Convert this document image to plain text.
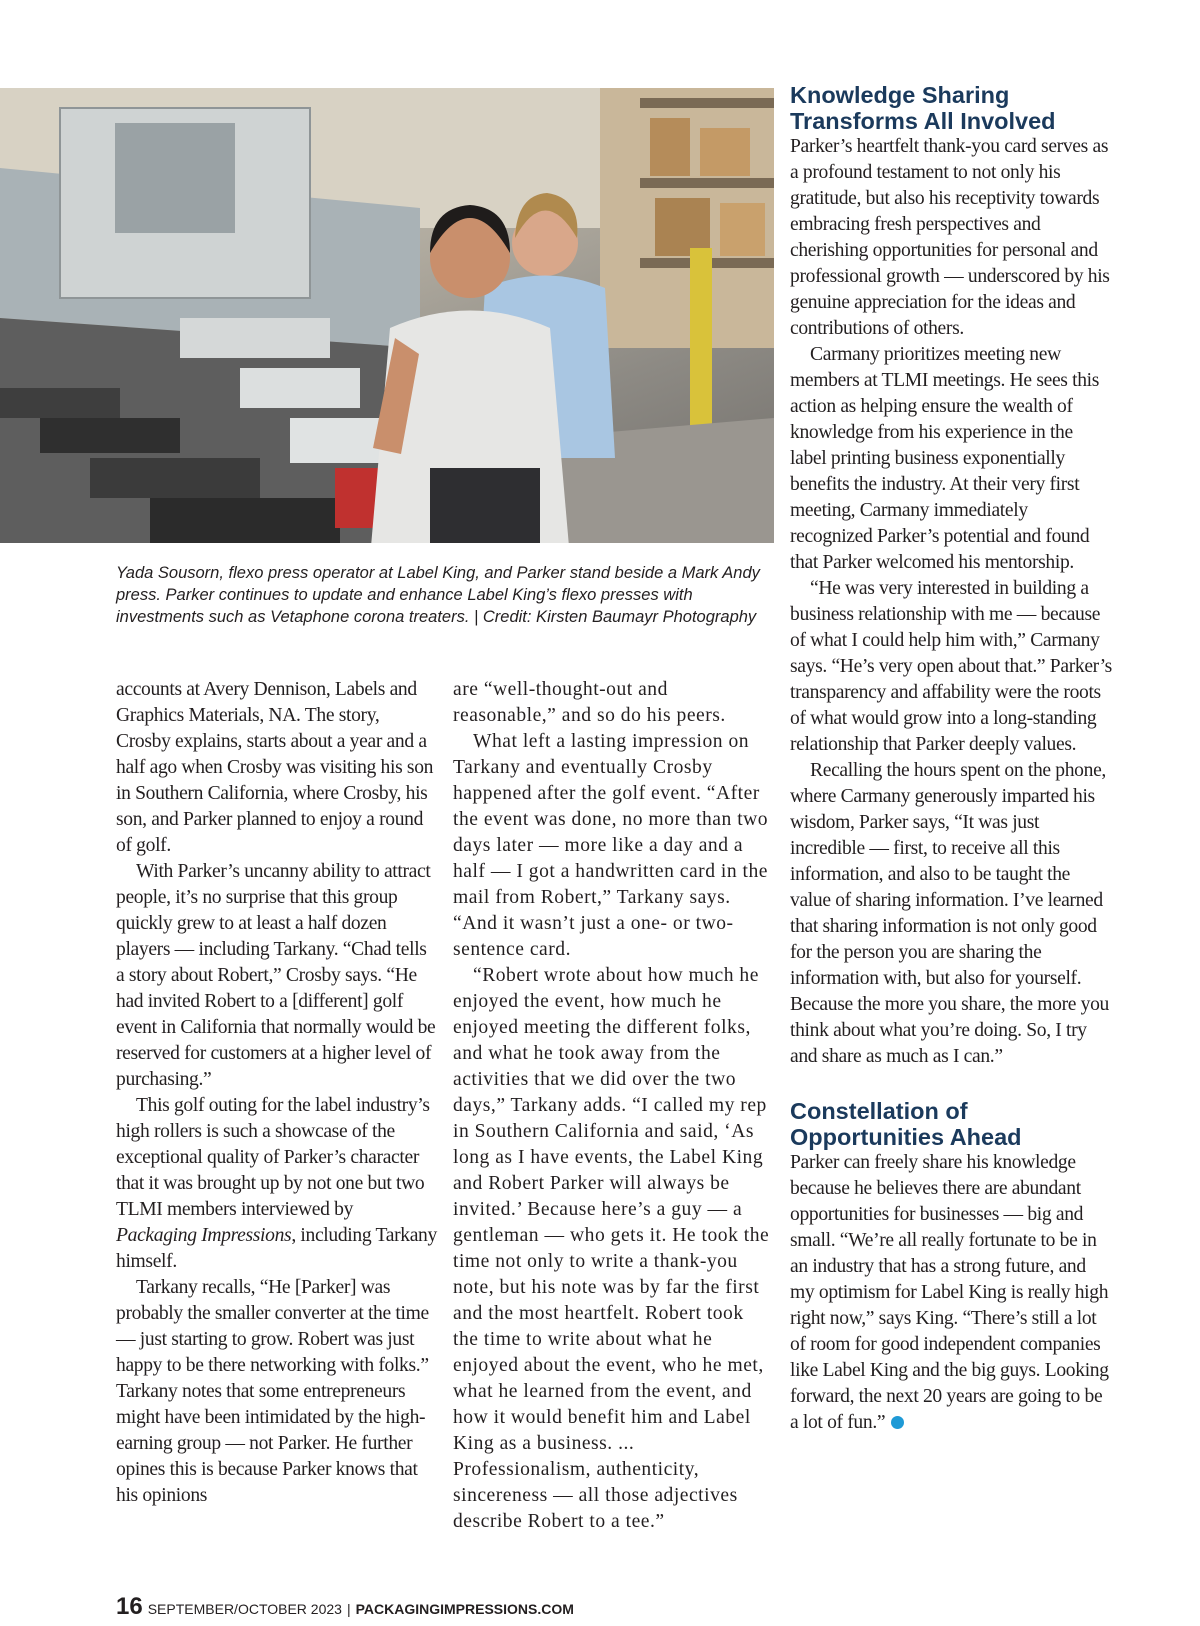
Yada Sousorn, flexo press operator at Label King, and Parker stand beside a Mark Andy press. Parker continues to update and enhance Label King’s flexo presses with investments such as Vetaphone corona treaters. | Credit: Kirsten Baumayr Photography

accounts at Avery Dennison, Labels and Graphics Materials, NA. The story, Crosby explains, starts about a year and a half ago when Crosby was visiting his son in Southern California, where Crosby, his son, and Parker planned to enjoy a round of golf.

With Parker’s uncanny ability to attract people, it’s no surprise that this group quickly grew to at least a half dozen players — including Tarkany. “Chad tells a story about Robert,” Crosby says. “He had invited Robert to a [different] golf event in California that normally would be reserved for customers at a higher level of purchasing.”

This golf outing for the label industry’s high rollers is such a showcase of the exceptional quality of Parker’s character that it was brought up by not one but two TLMI members interviewed by Packaging Impressions, including Tarkany himself.

Tarkany recalls, “He [Parker] was probably the smaller converter at the time — just starting to grow. Robert was just happy to be there networking with folks.” Tarkany notes that some entrepreneurs might have been intimidated by the high-earning group — not Parker. He further opines this is because Parker knows that his opinions

are “well-thought-out and reasonable,” and so do his peers.

What left a lasting impression on Tarkany and eventually Crosby happened after the golf event. “After the event was done, no more than two days later — more like a day and a half — I got a handwritten card in the mail from Robert,” Tarkany says. “And it wasn’t just a one- or two-sentence card.

“Robert wrote about how much he enjoyed the event, how much he enjoyed meeting the different folks, and what he took away from the activities that we did over the two days,” Tarkany adds. “I called my rep in Southern California and said, ‘As long as I have events, the Label King and Robert Parker will always be invited.’ Because here’s a guy — a gentleman — who gets it. He took the time not only to write a thank-you note, but his note was by far the first and the most heartfelt. Robert took the time to write about what he enjoyed about the event, who he met, what he learned from the event, and how it would benefit him and Label King as a business. ... Professionalism, authenticity, sincereness — all those adjectives describe Robert to a tee.”

Knowledge Sharing Transforms All Involved

Parker’s heartfelt thank-you card serves as a profound testament to not only his gratitude, but also his receptivity towards embracing fresh perspectives and cherishing opportunities for personal and professional growth — underscored by his genuine appreciation for the ideas and contributions of others.

Carmany prioritizes meeting new members at TLMI meetings. He sees this action as helping ensure the wealth of knowledge from his experience in the label printing business exponentially benefits the industry. At their very first meeting, Carmany immediately recognized Parker’s potential and found that Parker welcomed his mentorship.

“He was very interested in building a business relationship with me — because of what I could help him with,” Carmany says. “He’s very open about that.” Parker’s transparency and affability were the roots of what would grow into a long-standing relationship that Parker deeply values.

Recalling the hours spent on the phone, where Carmany generously imparted his wisdom, Parker says, “It was just incredible — first, to receive all this information, and also to be taught the value of sharing information. I’ve learned that sharing information is not only good for the person you are sharing the information with, but also for yourself. Because the more you share, the more you think about what you’re doing. So, I try and share as much as I can.”

Constellation of Opportunities Ahead

Parker can freely share his knowledge because he believes there are abundant opportunities for businesses — big and small. “We’re all really fortunate to be in an industry that has a strong future, and my optimism for Label King is really high right now,” says King. “There’s still a lot of room for good independent companies like Label King and the big guys. Looking forward, the next 20 years are going to be a lot of fun.”

16 SEPTEMBER/OCTOBER 2023 | PACKAGINGIMPRESSIONS.COM
